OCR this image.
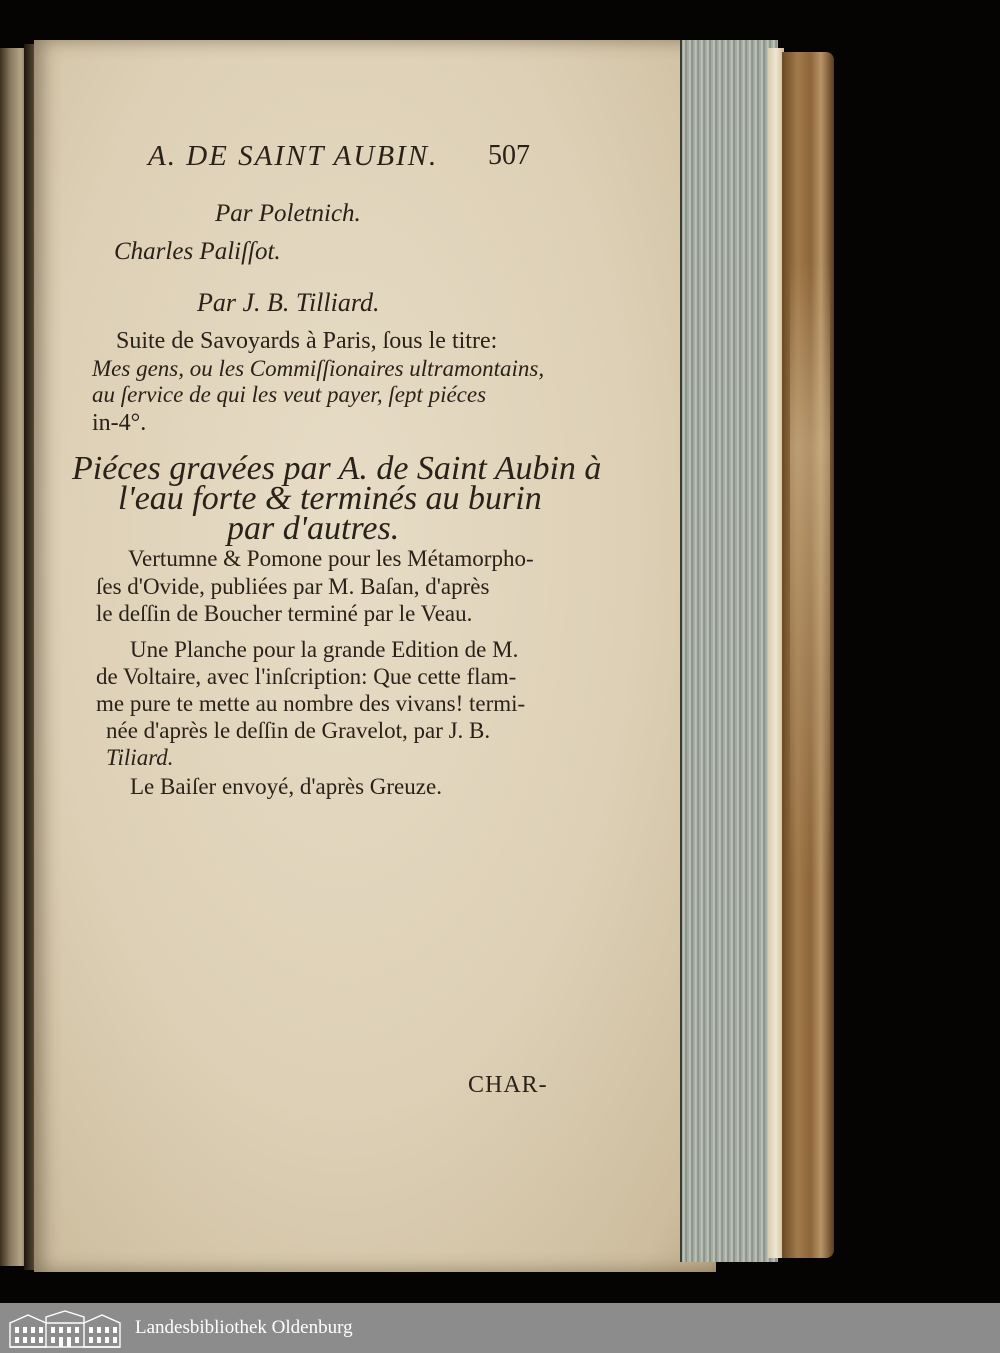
A. DE SAINT AUBIN. 507
Par Poletnich.
Charles Paliſſot.
Par J. B. Tilliard.
Suite de Savoyards à Paris, ſous le titre:
Mes gens, ou les Commiſſionaires ultramontains,
au ſervice de qui les veut payer, ſept piéces
in-4°.
Piéces gravées par A. de Saint Aubin à
l'eau forte & terminés au burin
par d'autres.
Vertumne & Pomone pour les Métamorpho-
ſes d'Ovide, publiées par M. Baſan, d'après
le deſſin de Boucher terminé par le Veau.
Une Planche pour la grande Edition de M.
de Voltaire, avec l'inſcription: Que cette flam-
me pure te mette au nombre des vivans! termi-
née d'après le deſſin de Gravelot, par J. B.
Tiliard.
Le Baiſer envoyé, d'après Greuze.
CHAR-
Landesbibliothek Oldenburg
